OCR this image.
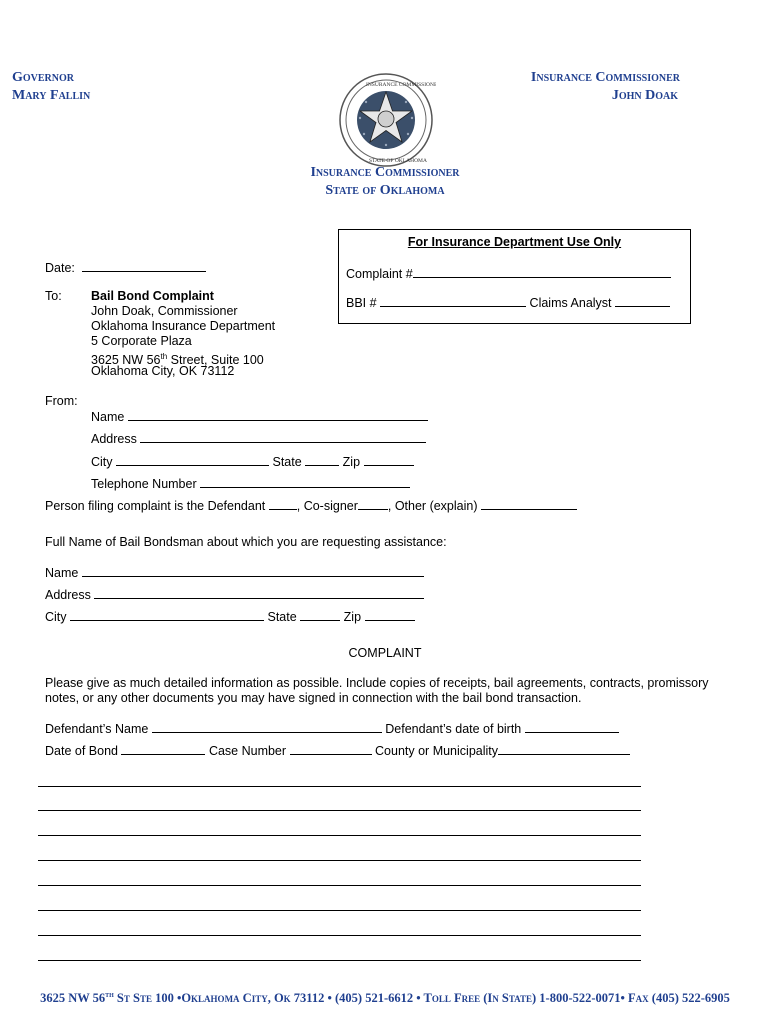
Governor
Mary Fallin
Insurance Commissioner
John Doak
INSURANCE COMMISSIONER
STATE OF OKLAHOMA
Insurance Commissioner
State of Oklahoma
For Insurance Department Use Only
Complaint #
BBI #	Claims Analyst
Date:
To: Bail Bond Complaint
John Doak, Commissioner
Oklahoma Insurance Department
5 Corporate Plaza
3625 NW 56th Street, Suite 100
Oklahoma City, OK 73112
From:
Name
Address
City	State	Zip
Telephone Number
Person filing complaint is the Defendant	, Co-signer , Other (explain)
Full Name of Bail Bondsman about which you are requesting assistance:
Name
Address
City	State	Zip
COMPLAINT
Please give as much detailed information as possible. Include copies of receipts, bail agreements, contracts, promissory
notes, or any other documents you may have signed in connection with the bail bond transaction.
Defendant’s Name	Defendant’s date of birth
Date of Bond	Case Number	County or Municipality
3625 NW 56th St Ste 100 •Oklahoma City, Ok 73112 • (405) 521-6612 • Toll Free (In State) 1-800-522-0071• Fax (405) 522-6905
